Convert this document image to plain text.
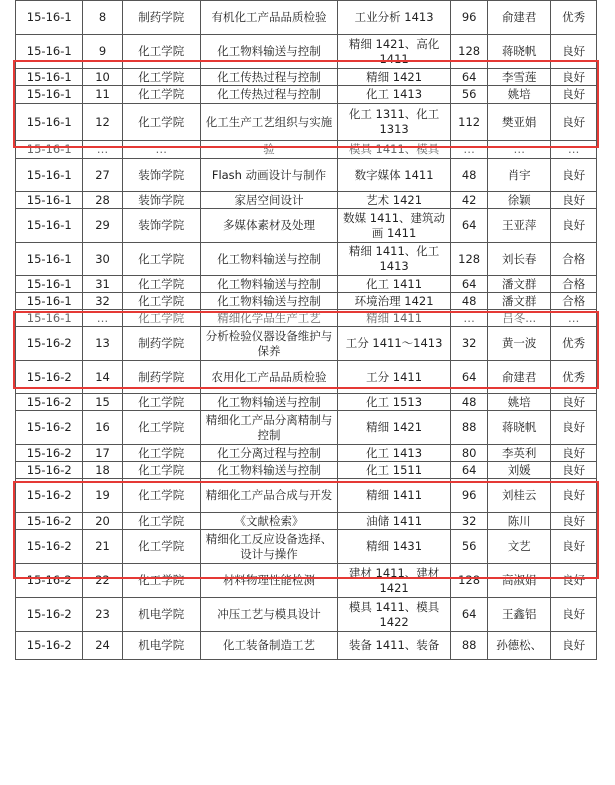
15-16-1	8	制药学院	有机化工产品品质检验	工业分析 1413	96	俞建君	优秀
15-16-1	9	化工学院	化工物料输送与控制	精细 1421、高化 1411	128	蒋晓帆	良好
15-16-1	10	化工学院	化工传热过程与控制	精细 1421	64	李雪莲	良好
15-16-1	11	化工学院	化工传热过程与控制	化工 1413	56	姚培	良好
15-16-1	12	化工学院	化工生产工艺组织与实施	化工 1311、化工 1313	112	樊亚娟	良好
15-16-1	…	…	验	模具 1411、模具	…	…	…
15-16-1	27	装饰学院	Flash 动画设计与制作	数字媒体 1411	48	肖宇	良好
15-16-1	28	装饰学院	家居空间设计	艺术 1421	42	徐颖	良好
15-16-1	29	装饰学院	多媒体素材及处理	数媒 1411、建筑动画 1411	64	王亚萍	良好
15-16-1	30	化工学院	化工物料输送与控制	精细 1411、化工 1413	128	刘长春	合格
15-16-1	31	化工学院	化工物料输送与控制	化工 1411	64	潘文群	合格
15-16-1	32	化工学院	化工物料输送与控制	环境治理 1421	48	潘文群	合格
15-16-1	…	化工学院	精细化学品生产工艺	精细 1411	…	吕冬...	…
15-16-2	13	制药学院	分析检验仪器设备维护与保养	工分 1411～1413	32	黄一波	优秀
15-16-2	14	制药学院	农用化工产品品质检验	工分 1411	64	俞建君	优秀
15-16-2	15	化工学院	化工物料输送与控制	化工 1513	48	姚培	良好
15-16-2	16	化工学院	精细化工产品分离精制与控制	精细 1421	88	蒋晓帆	良好
15-16-2	17	化工学院	化工分离过程与控制	化工 1413	80	李英利	良好
15-16-2	18	化工学院	化工物料输送与控制	化工 1511	64	刘媛	良好
15-16-2	19	化工学院	精细化工产品合成与开发	精细 1411	96	刘桂云	良好
15-16-2	20	化工学院	《文献检索》	油储 1411	32	陈川	良好
15-16-2	21	化工学院	精细化工反应设备选择、设计与操作	精细 1431	56	文艺	良好
15-16-2	22	化工学院	材料物理性能检测	建材 1411、建材 1421	128	高淑娟	良好
15-16-2	23	机电学院	冲压工艺与模具设计	模具 1411、模具 1422	64	王鑫铝	良好
15-16-2	24	机电学院	化工装备制造工艺	装备 1411、装备	88	孙德松、	良好
